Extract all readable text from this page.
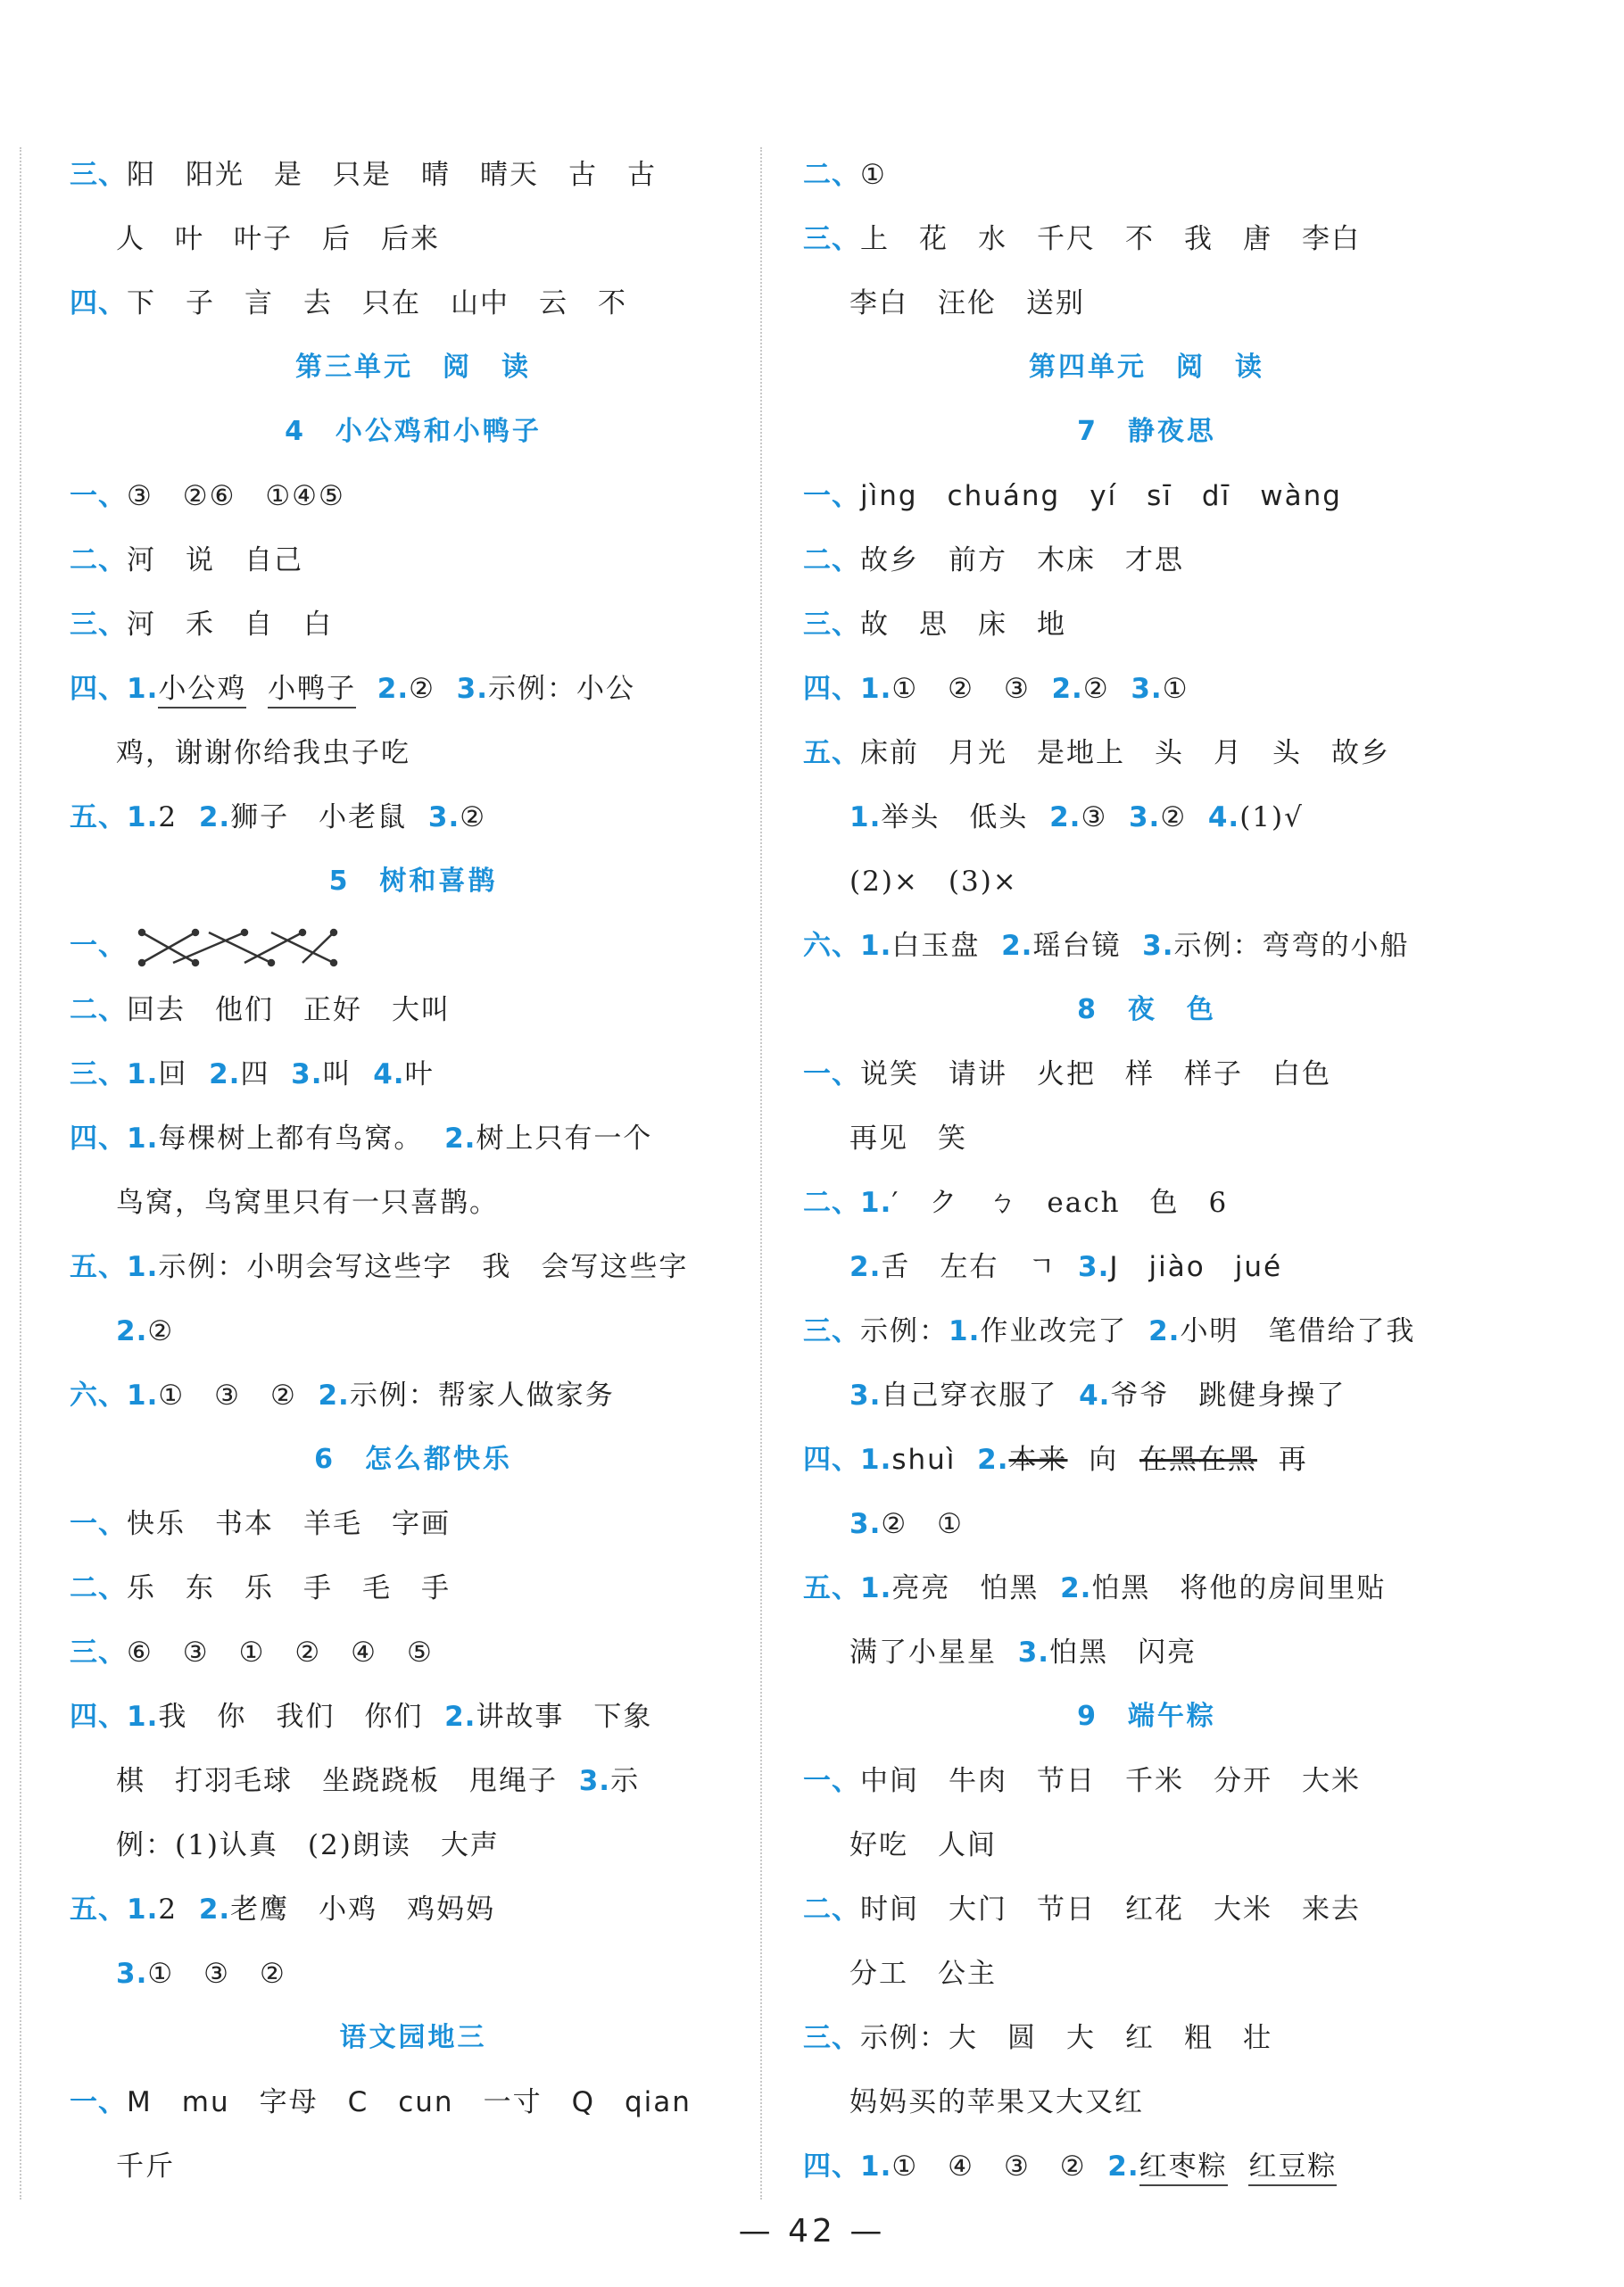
三、阳　阳光　是　只是　晴　晴天　古　古
人　叶　叶子　后　后来
四、下　子　言　去　只在　山中　云　不
第三单元　阅　读
4　小公鸡和小鸭子
一、③　②⑥　①④⑤
二、河　说　自己
三、河　禾　自　白
四、1.小公鸡 小鸭子 2.② 3.示例：小公
鸡，谢谢你给我虫子吃
五、1.2 2.狮子　小老鼠 3.②
5　树和喜鹊
一、
二、回去　他们　正好　大叫
三、1.回 2.四 3.叫 4.叶
四、1.每棵树上都有鸟窝。 2.树上只有一个
鸟窝，鸟窝里只有一只喜鹊。
五、1.示例：小明会写这些字　我　会写这些字
2.②
六、1.①　③　② 2.示例：帮家人做家务
6　怎么都快乐
一、快乐　书本　羊毛　字画
二、乐　东　乐　手　毛　手
三、⑥　③　①　②　④　⑤
四、1.我　你　我们　你们 2.讲故事　下象
棋　打羽毛球　坐跷跷板　甩绳子 3.示
例：(1)认真　(2)朗读　大声
五、1.2 2.老鹰　小鸡　鸡妈妈
3.①　③　②
语文园地三
一、M　mu　字母　C　cun　一寸　Q　qian
千斤
二、①
三、上　花　水　千尺　不　我　唐　李白
李白　汪伦　送别
第四单元　阅　读
7　静夜思
一、jìng　chuáng　yí　sī　dī　wàng
二、故乡　前方　木床　才思
三、故　思　床　地
四、1.①　②　③ 2.② 3.①
五、床前　月光　是地上　头　月　头　故乡
1.举头　低头 2.③ 3.② 4.(1)√
(2)×　(3)×
六、1.白玉盘 2.瑶台镜 3.示例：弯弯的小船
8　夜　色
一、说笑　请讲　火把　样　样子　白色
再见　笑
二、1.′　ク　ㄅ　each　色　6
2.舌　左右　ㄱ 3.J　jiào　jué
三、示例：1.作业改完了 2.小明　笔借给了我
3.自己穿衣服了 4.爷爷　跳健身操了
四、1.shuì 2.本来 向 在黑在黑 再
3.②　①
五、1.亮亮　怕黑 2.怕黑　将他的房间里贴
满了小星星 3.怕黑　闪亮
9　端午粽
一、中间　牛肉　节日　千米　分开　大米
好吃　人间
二、时间　大门　节日　红花　大米　来去
分工　公主
三、示例：大　圆　大　红　粗　壮
妈妈买的苹果又大又红
四、1.①　④　③　② 2.红枣粽 红豆粽
— 42 —
